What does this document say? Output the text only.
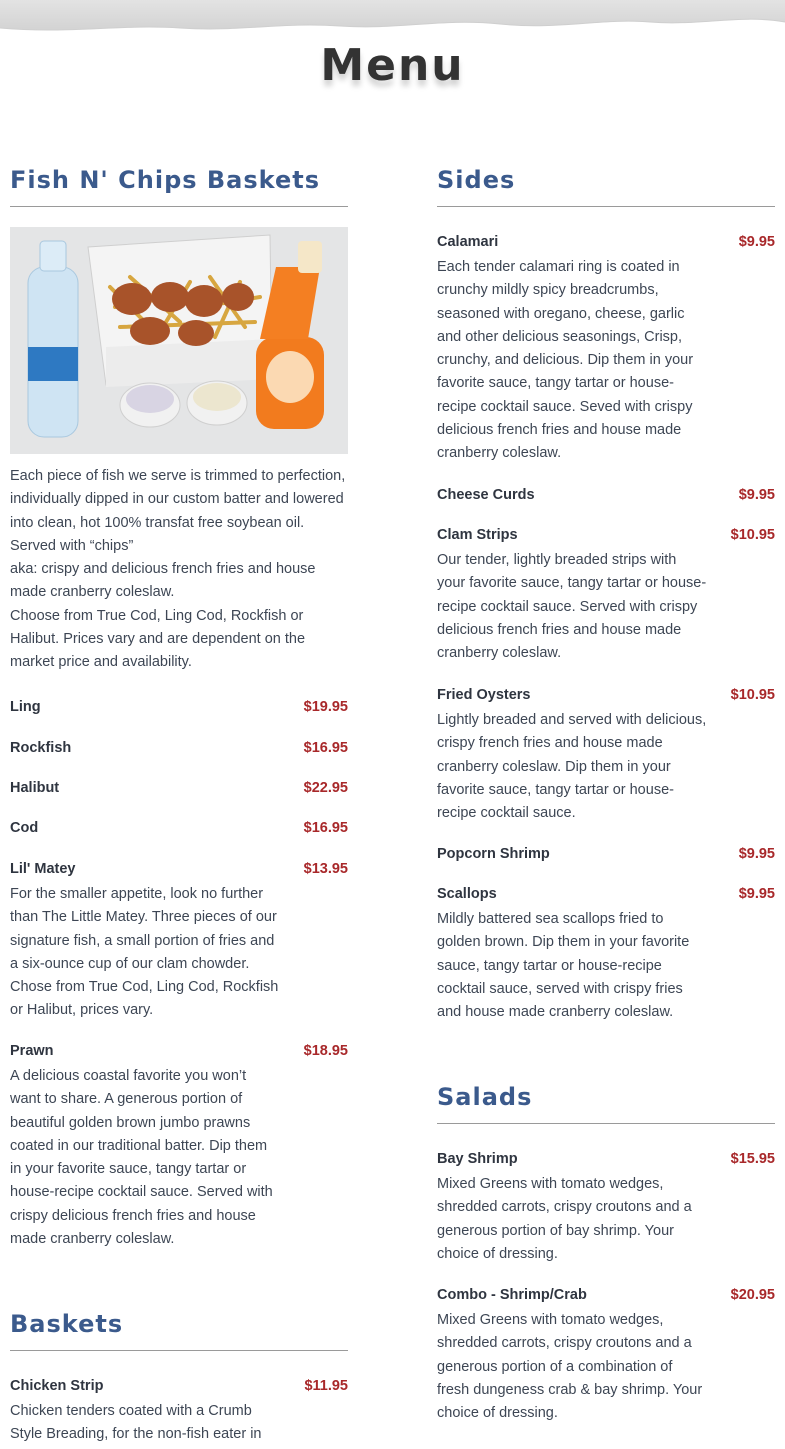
Menu
Fish N' Chips Baskets

Each piece of fish we serve is trimmed to perfection, individually dipped in our custom batter and lowered into clean, hot 100% transfat free soybean oil.

Served with “chips”

aka: crispy and delicious french fries and house made cranberry coleslaw.

Choose from True Cod, Ling Cod, Rockfish or Halibut. Prices vary and are dependent on the market price and availability.

Ling	$19.95
Rockfish	$16.95
Halibut	$22.95
Cod	$16.95
Lil' Matey	$13.95
For the smaller appetite, look no further than The Little Matey. Three pieces of our signature fish, a small portion of fries and a six-ounce cup of our clam chowder. Chose from True Cod, Ling Cod, Rockfish or Halibut, prices vary.
Prawn	$18.95
A delicious coastal favorite you won’t want to share. A generous portion of beautiful golden brown jumbo prawns coated in our traditional batter. Dip them in your favorite sauce, tangy tartar or house-recipe cocktail sauce. Served with crispy delicious french fries and house made cranberry coleslaw.
Baskets
Chicken Strip	$11.95
Chicken tenders coated with a Crumb Style Breading, for the non-fish eater in
Sides
Calamari	$9.95
Each tender calamari ring is coated in crunchy mildly spicy breadcrumbs, seasoned with oregano, cheese, garlic and other delicious seasonings, Crisp, crunchy, and delicious. Dip them in your favorite sauce, tangy tartar or house-recipe cocktail sauce. Seved with crispy delicious french fries and house made cranberry coleslaw.
Cheese Curds	$9.95
Clam Strips	$10.95
Our tender, lightly breaded strips with your favorite sauce, tangy tartar or house-recipe cocktail sauce. Served with crispy delicious french fries and house made cranberry coleslaw.
Fried Oysters	$10.95
Lightly breaded and served with delicious, crispy french fries and house made cranberry coleslaw. Dip them in your favorite sauce, tangy tartar or house-recipe cocktail sauce.
Popcorn Shrimp	$9.95
Scallops	$9.95
Mildly battered sea scallops fried to golden brown. Dip them in your favorite sauce, tangy tartar or house-recipe cocktail sauce, served with crispy fries and house made cranberry coleslaw.
Salads
Bay Shrimp	$15.95
Mixed Greens with tomato wedges, shredded carrots, crispy croutons and a generous portion of bay shrimp. Your choice of dressing.
Combo - Shrimp/Crab	$20.95
Mixed Greens with tomato wedges, shredded carrots, crispy croutons and a generous portion of a combination of fresh dungeness crab & bay shrimp. Your choice of dressing.
